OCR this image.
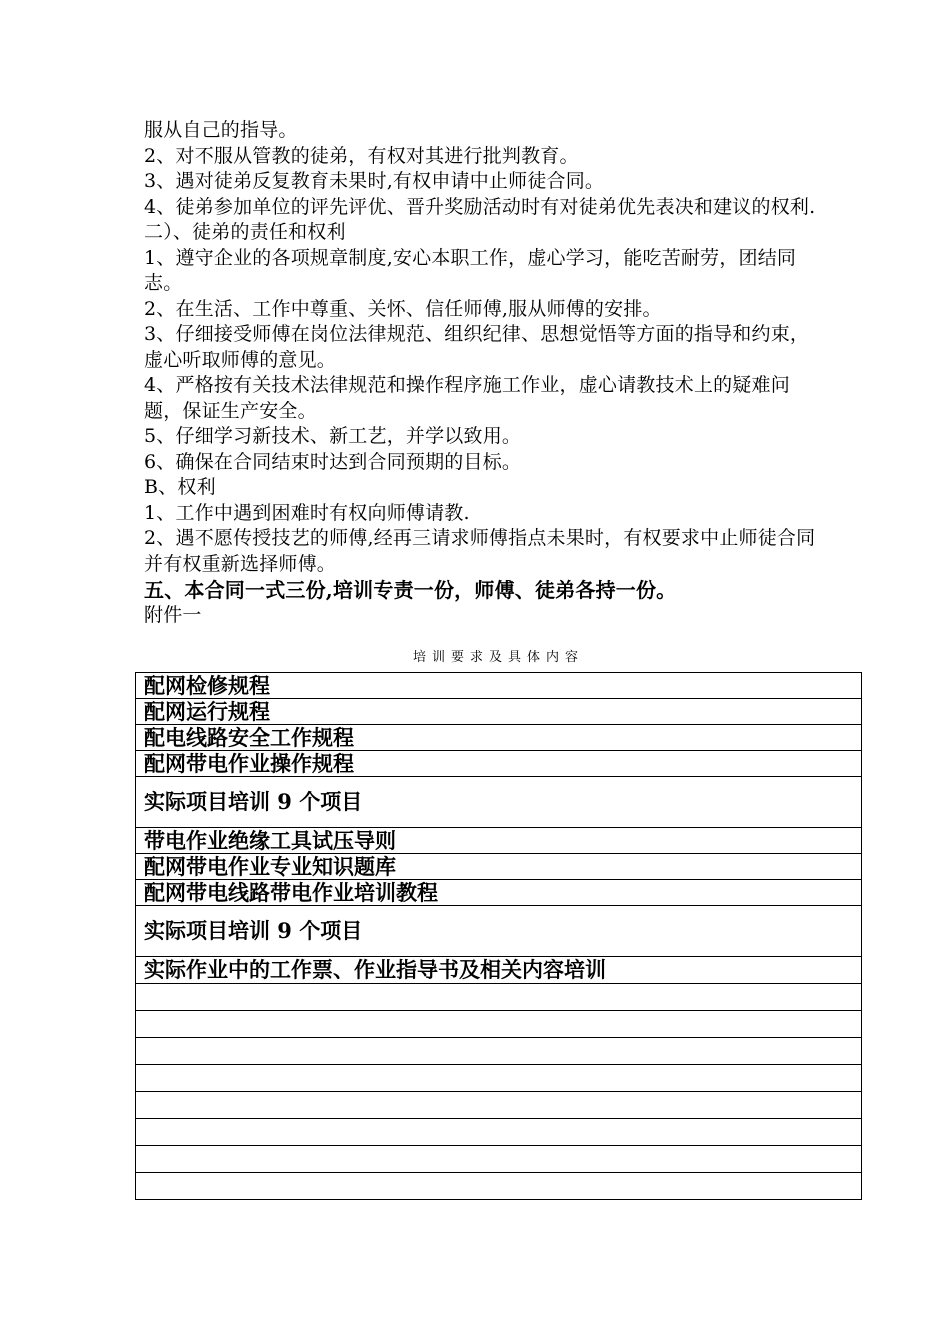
服从自己的指导。

2、对不服从管教的徒弟，有权对其进行批判教育。

3、遇对徒弟反复教育未果时,有权申请中止师徒合同。

4、徒弟参加单位的评先评优、晋升奖励活动时有对徒弟优先表决和建议的权利.

二）、徒弟的责任和权利

1、遵守企业的各项规章制度,安心本职工作，虚心学习，能吃苦耐劳，团结同志。

2、在生活、工作中尊重、关怀、信任师傅,服从师傅的安排。

3、仔细接受师傅在岗位法律规范、组织纪律、思想觉悟等方面的指导和约束，虚心听取师傅的意见。

4、严格按有关技术法律规范和操作程序施工作业，虚心请教技术上的疑难问题，保证生产安全。

5、仔细学习新技术、新工艺，并学以致用。

6、确保在合同结束时达到合同预期的目标。

B、权利

1、工作中遇到困难时有权向师傅请教.

2、遇不愿传授技艺的师傅,经再三请求师傅指点未果时，有权要求中止师徒合同并有权重新选择师傅。

五、本合同一式三份,培训专责一份，师傅、徒弟各持一份。

附件一

培训要求及具体内容
配网检修规程
配网运行规程
配电线路安全工作规程
配网带电作业操作规程
实际项目培训 9 个项目
带电作业绝缘工具试压导则
配网带电作业专业知识题库
配网带电线路带电作业培训教程
实际项目培训 9 个项目
实际作业中的工作票、作业指导书及相关内容培训
